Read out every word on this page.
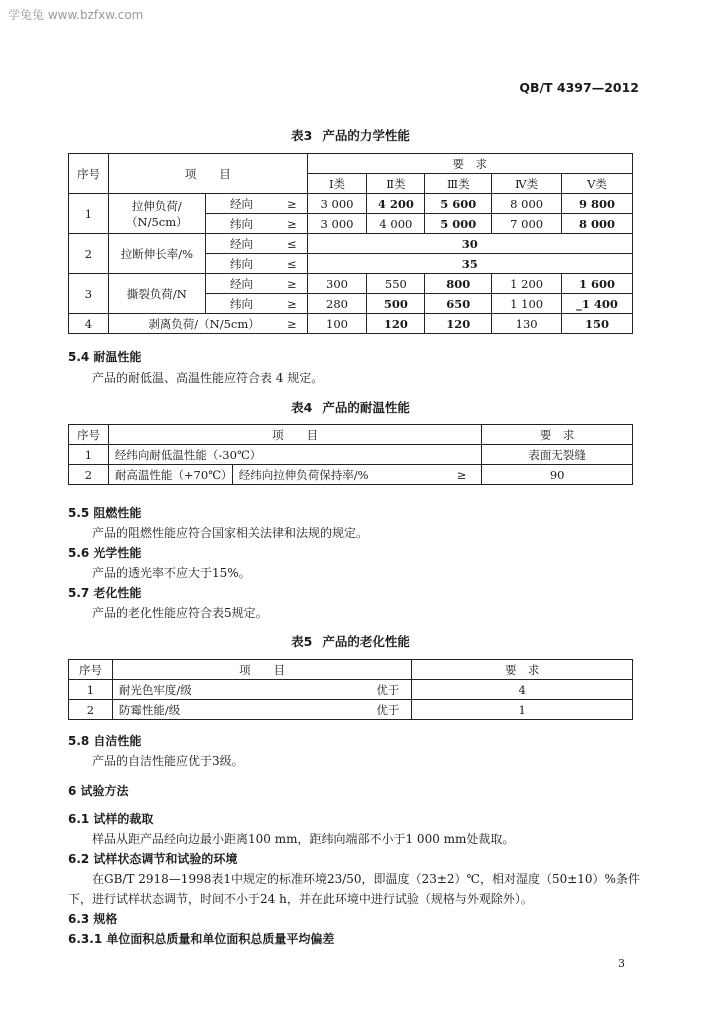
学兔兔 www.bzfxw.com
QB/T 4397—2012
表3 产品的力学性能
序号	项　　目			要　求				
				Ⅰ类	Ⅱ类	Ⅲ类	Ⅳ类	Ⅴ类
1	拉伸负荷/
（N/5cm）	经向	≥	3 000	4 200	5 600	8 000	9 800
		纬向	≥	3 000	4 000	5 000	7 000	8 000
2	拉断伸长率/%	经向	≤	30				
		纬向	≤	35				
3	撕裂负荷/N	经向	≥	300	550	800	1 200	1 600
		纬向	≥	280	500	650	1 100	_1 400
4	剥离负荷/（N/5cm）		≥	100	120	120	130	150
5.4 耐温性能
产品的耐低温、高温性能应符合表 4 规定。
表4 产品的耐温性能
序号	项　　目			要　求
1	经纬向耐低温性能（-30℃）			表面无裂缝
2	耐高温性能（+70℃）	经纬向拉伸负荷保持率/%	≥	90
5.5 阻燃性能
产品的阻燃性能应符合国家相关法律和法规的规定。
5.6 光学性能
产品的透光率不应大于15%。
5.7 老化性能
产品的老化性能应符合表5规定。
表5 产品的老化性能
序号	项　　目		要　求
1	耐光色牢度/级	优于	4
2	防霉性能/级	优于	1
5.8 自洁性能
产品的自洁性能应优于3级。
6 试验方法
6.1 试样的裁取
样品从距产品经向边最小距离100 mm，距纬向端部不小于1 000 mm处裁取。
6.2 试样状态调节和试验的环境
在GB/T 2918—1998表1中规定的标准环境23/50，即温度（23±2）℃，相对湿度（50±10）%条件
下，进行试样状态调节，时间不小于24 h，并在此环境中进行试验（规格与外观除外）。
6.3 规格
6.3.1 单位面积总质量和单位面积总质量平均偏差
3
